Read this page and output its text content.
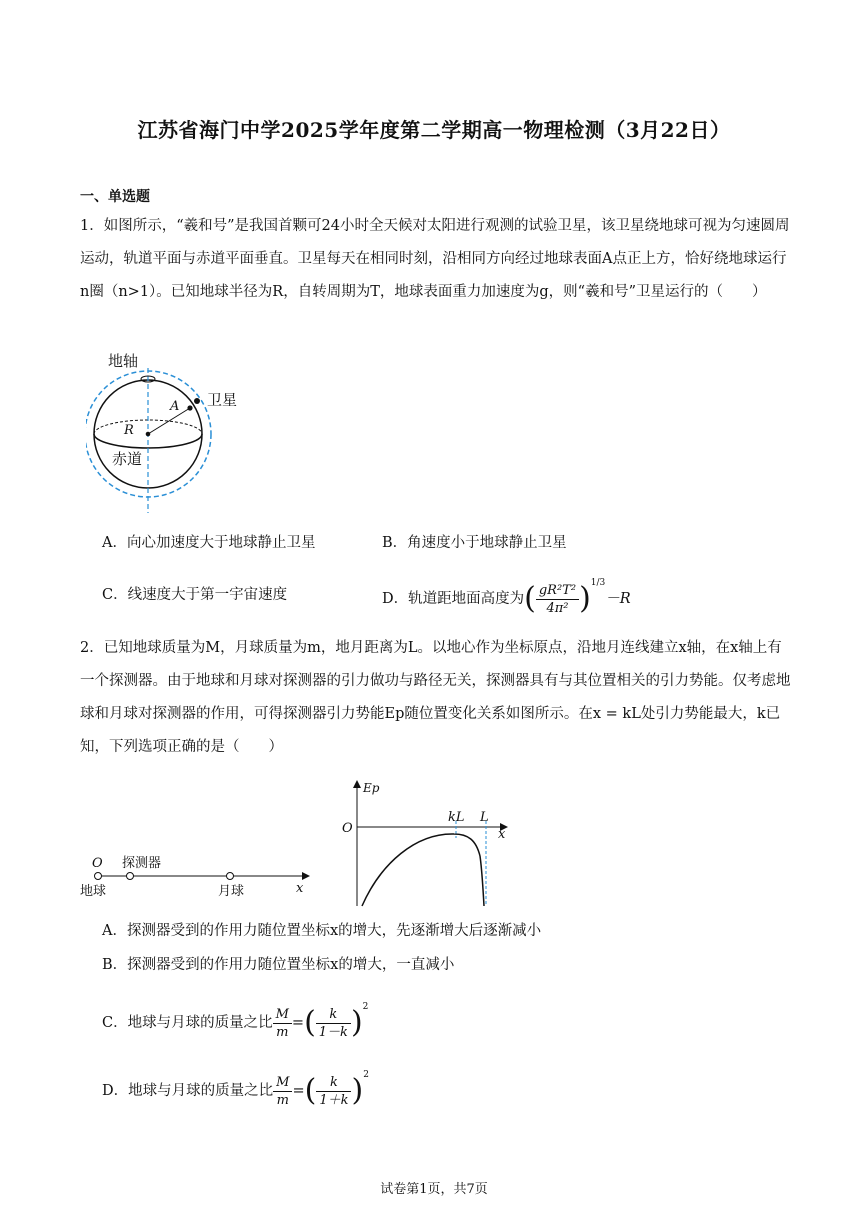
江苏省海门中学2025学年度第二学期高一物理检测（3月22日）
一、单选题
1．如图所示，“羲和号”是我国首颗可24小时全天候对太阳进行观测的试验卫星，该卫星绕地球可视为匀速圆周运动，轨道平面与赤道平面垂直。卫星每天在相同时刻，沿相同方向经过地球表面A点正上方，恰好绕地球运行n圈（n>1）。已知地球半径为R，自转周期为T，地球表面重力加速度为g，则“羲和号”卫星运行的（　　）
地轴
卫星
A
R
赤道
A．向心加速度大于地球静止卫星	B．角速度小于地球静止卫星
C．线速度大于第一宇宙速度	D．轨道距地面高度为( $\frac{\text{gR²T²}}{\text{4π²}} )^{1/3}-R$
2．已知地球质量为M，月球质量为m，地月距离为L。以地心作为坐标原点，沿地月连线建立x轴，在x轴上有一个探测器。由于地球和月球对探测器的引力做功与路径无关，探测器具有与其位置相关的引力势能。仅考虑地球和月球对探测器的作用，可得探测器引力势能Ep随位置变化关系如图所示。在x = kL处引力势能最大，k已知，下列选项正确的是（　　）
O 探测器
地球	月球	x
Ep
O
kL L
x
A．探测器受到的作用力随位置坐标x的增大，先逐渐增大后逐渐减小
B．探测器受到的作用力随位置坐标x的增大，一直减小
C．地球与月球的质量之比 $\frac{M}{m}$ =( $\frac{k}{1-k} )^2$
D．地球与月球的质量之比 $\frac{M}{m}$ =( $\frac{k}{1+k} )^2$
试卷第1页，共7页
